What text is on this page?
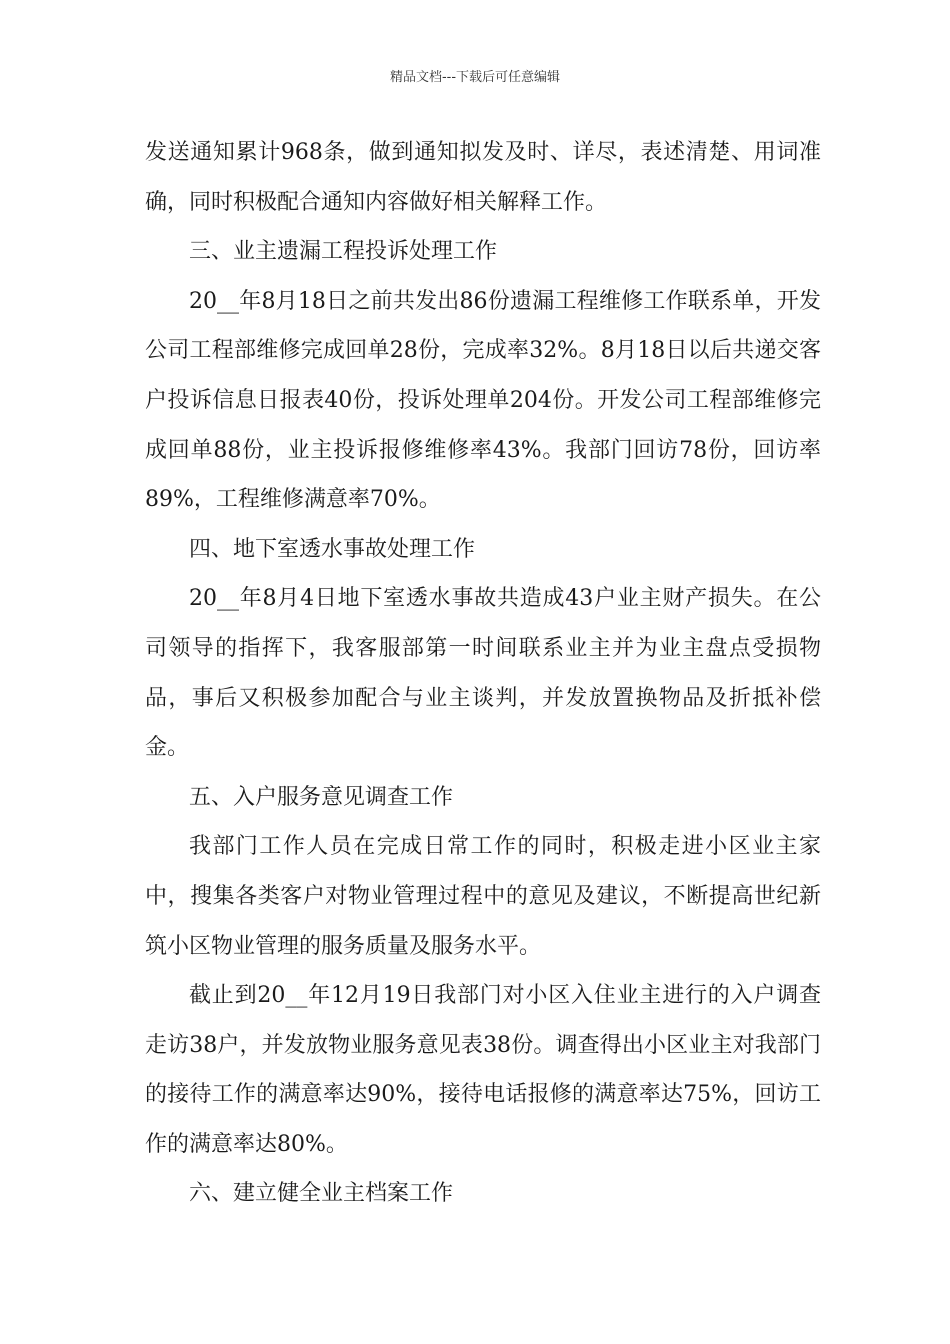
精品文档---下载后可任意编辑

发送通知累计968条，做到通知拟发及时、详尽，表述清楚、用词准确，同时积极配合通知内容做好相关解释工作。

三、业主遗漏工程投诉处理工作

20__年8月18日之前共发出86份遗漏工程维修工作联系单，开发公司工程部维修完成回单28份，完成率32%。8月18日以后共递交客户投诉信息日报表40份，投诉处理单204份。开发公司工程部维修完成回单88份，业主投诉报修维修率43%。我部门回访78份，回访率89%，工程维修满意率70%。

四、地下室透水事故处理工作

20__年8月4日地下室透水事故共造成43户业主财产损失。在公司领导的指挥下，我客服部第一时间联系业主并为业主盘点受损物品，事后又积极参加配合与业主谈判，并发放置换物品及折抵补偿金。

五、入户服务意见调查工作

我部门工作人员在完成日常工作的同时，积极走进小区业主家中，搜集各类客户对物业管理过程中的意见及建议，不断提高世纪新筑小区物业管理的服务质量及服务水平。

截止到20__年12月19日我部门对小区入住业主进行的入户调查走访38户，并发放物业服务意见表38份。调查得出小区业主对我部门的接待工作的满意率达90%，接待电话报修的满意率达75%，回访工作的满意率达80%。

六、建立健全业主档案工作
